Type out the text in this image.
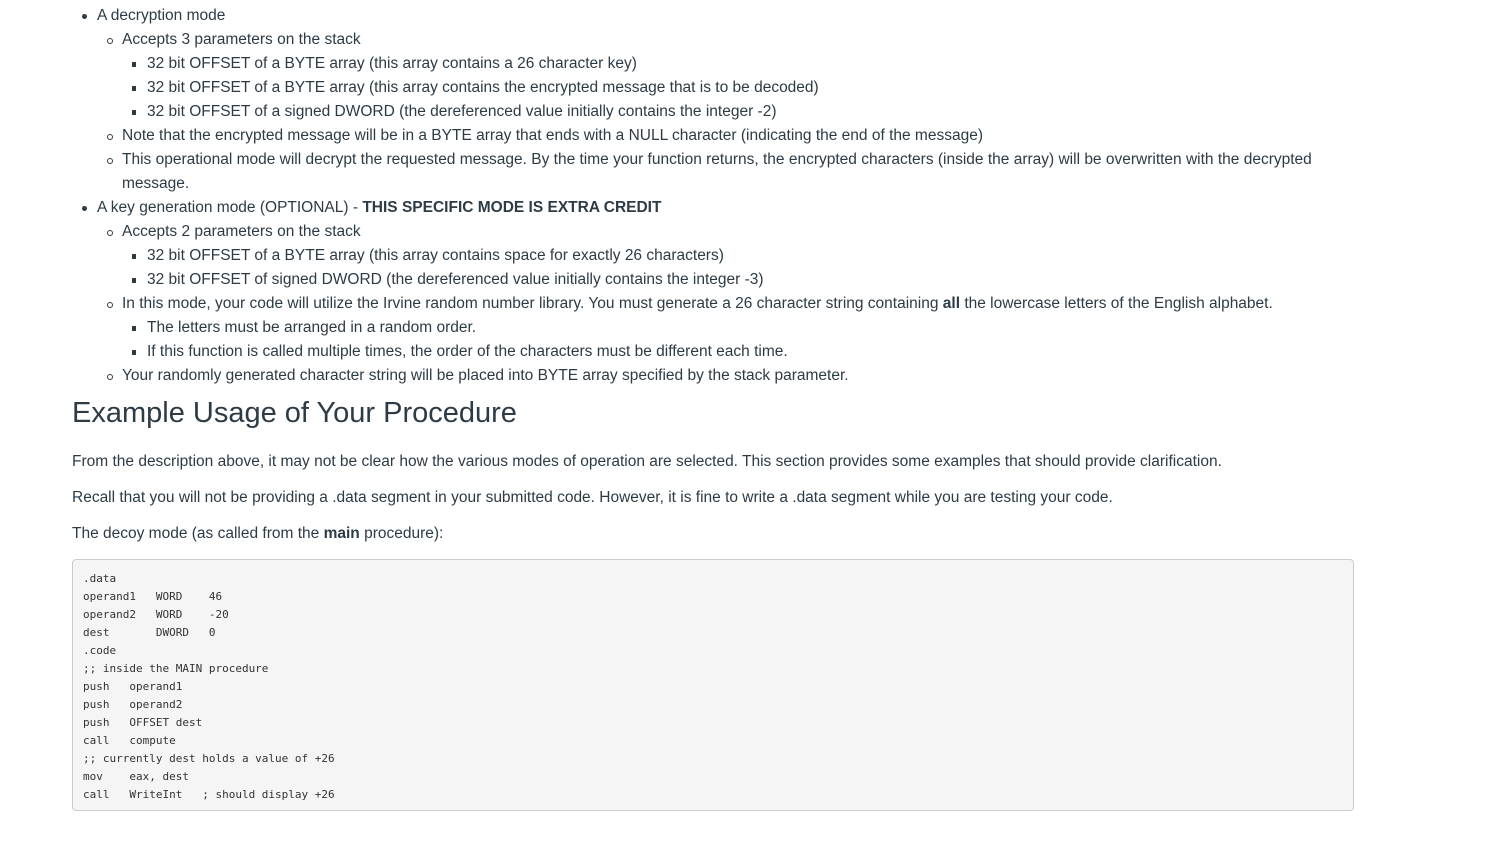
A decryption mode
Accepts 3 parameters on the stack
32 bit OFFSET of a BYTE array (this array contains a 26 character key)
32 bit OFFSET of a BYTE array (this array contains the encrypted message that is to be decoded)
32 bit OFFSET of a signed DWORD (the dereferenced value initially contains the integer -2)
Note that the encrypted message will be in a BYTE array that ends with a NULL character (indicating the end of the message)
This operational mode will decrypt the requested message. By the time your function returns, the encrypted characters (inside the array) will be overwritten with the decrypted
message.
A key generation mode (OPTIONAL) - THIS SPECIFIC MODE IS EXTRA CREDIT
Accepts 2 parameters on the stack
32 bit OFFSET of a BYTE array (this array contains space for exactly 26 characters)
32 bit OFFSET of signed DWORD (the dereferenced value initially contains the integer -3)
In this mode, your code will utilize the Irvine random number library. You must generate a 26 character string containing all the lowercase letters of the English alphabet.
The letters must be arranged in a random order.
If this function is called multiple times, the order of the characters must be different each time.
Your randomly generated character string will be placed into BYTE array specified by the stack parameter.
Example Usage of Your Procedure

From the description above, it may not be clear how the various modes of operation are selected. This section provides some examples that should provide clarification.

Recall that you will not be providing a .data segment in your submitted code. However, it is fine to write a .data segment while you are testing your code.

The decoy mode (as called from the main procedure):

.data
operand1   WORD    46
operand2   WORD    -20
dest       DWORD   0
.code
;; inside the MAIN procedure
push   operand1
push   operand2
push   OFFSET dest
call   compute
;; currently dest holds a value of +26
mov    eax, dest
call   WriteInt   ; should display +26
